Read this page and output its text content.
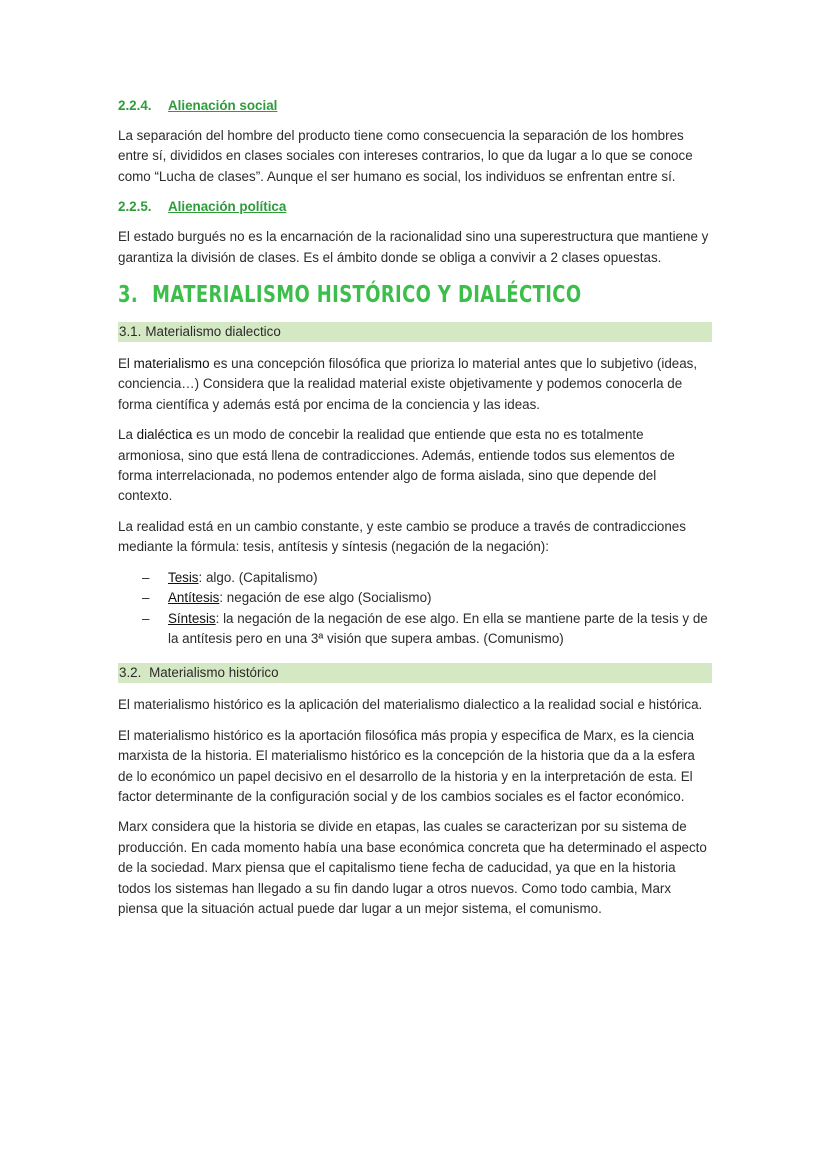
2.2.4. Alienación social

La separación del hombre del producto tiene como consecuencia la separación de los hombres entre sí, divididos en clases sociales con intereses contrarios, lo que da lugar a lo que se conoce como “Lucha de clases”. Aunque el ser humano es social, los individuos se enfrentan entre sí.

2.2.5. Alienación política

El estado burgués no es la encarnación de la racionalidad sino una superestructura que mantiene y garantiza la división de clases. Es el ámbito donde se obliga a convivir a 2 clases opuestas.

3. MATERIALISMO HISTÓRICO Y DIALÉCTICO
3.1. Materialismo dialectico

El materialismo es una concepción filosófica que prioriza lo material antes que lo subjetivo (ideas, conciencia…) Considera que la realidad material existe objetivamente y podemos conocerla de forma científica y además está por encima de la conciencia y las ideas.

La dialéctica es un modo de concebir la realidad que entiende que esta no es totalmente armoniosa, sino que está llena de contradicciones. Además, entiende todos sus elementos de forma interrelacionada, no podemos entender algo de forma aislada, sino que depende del contexto.

La realidad está en un cambio constante, y este cambio se produce a través de contradicciones mediante la fórmula: tesis, antítesis y síntesis (negación de la negación):

– Tesis: algo. (Capitalismo)
– Antítesis: negación de ese algo (Socialismo)
– Síntesis: la negación de la negación de ese algo. En ella se mantiene parte de la tesis y de la antítesis pero en una 3ª visión que supera ambas. (Comunismo)
3.2. Materialismo histórico

El materialismo histórico es la aplicación del materialismo dialectico a la realidad social e histórica.

El materialismo histórico es la aportación filosófica más propia y especifica de Marx, es la ciencia marxista de la historia. El materialismo histórico es la concepción de la historia que da a la esfera de lo económico un papel decisivo en el desarrollo de la historia y en la interpretación de esta. El factor determinante de la configuración social y de los cambios sociales es el factor económico.

Marx considera que la historia se divide en etapas, las cuales se caracterizan por su sistema de producción. En cada momento había una base económica concreta que ha determinado el aspecto de la sociedad. Marx piensa que el capitalismo tiene fecha de caducidad, ya que en la historia todos los sistemas han llegado a su fin dando lugar a otros nuevos. Como todo cambia, Marx piensa que la situación actual puede dar lugar a un mejor sistema, el comunismo.
